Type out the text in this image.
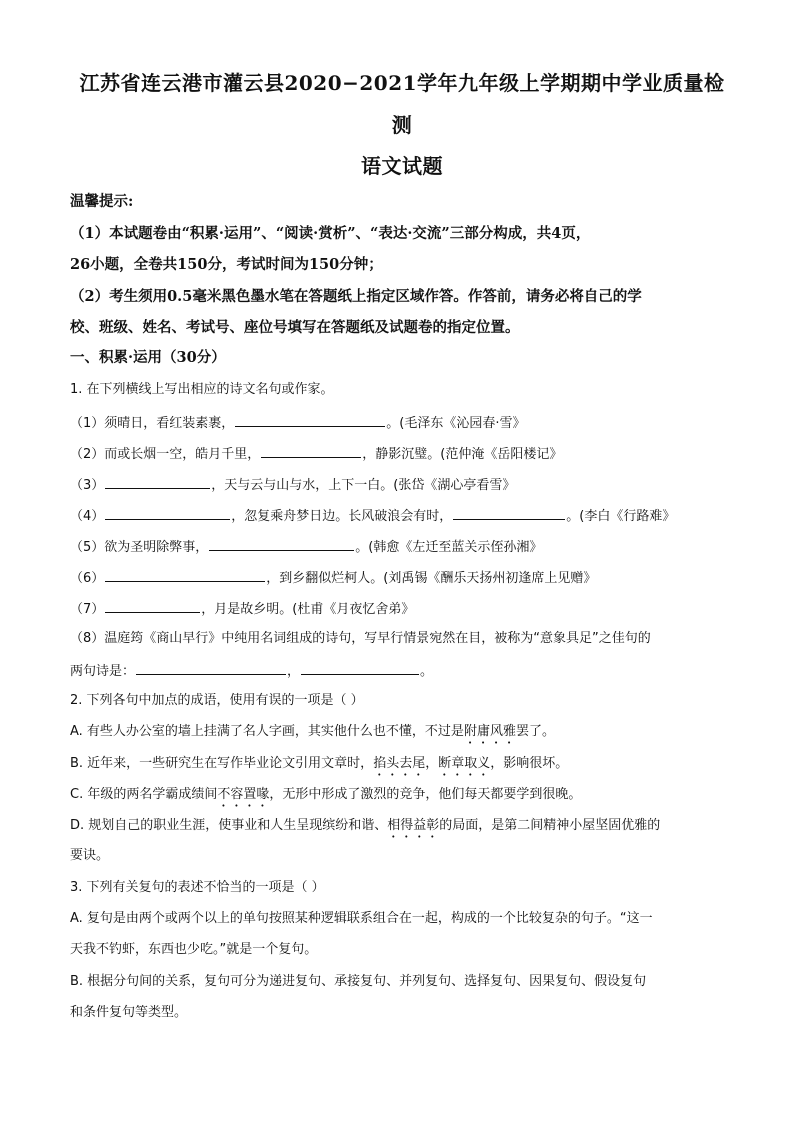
江苏省连云港市灌云县2020−2021学年九年级上学期期中学业质量检
测
语文试题
温馨提示:
（1）本试题卷由“积累·运用”、“阅读·赏析”、“表达·交流”三部分构成，共4页，
26小题，全卷共150分，考试时间为150分钟；
（2）考生须用0.5毫米黑色墨水笔在答题纸上指定区域作答。作答前，请务必将自己的学
校、班级、姓名、考试号、座位号填写在答题纸及试题卷的指定位置。
一、积累·运用（30分）
1. 在下列横线上写出相应的诗文名句或作家。
（1）须晴日，看红装素裹，	。(毛泽东《沁园春·雪》
（2）而或长烟一空，皓月千里，	，静影沉璧。(范仲淹《岳阳楼记》
（3）	，天与云与山与水，上下一白。(张岱《湖心亭看雪》
（4）	，忽复乘舟梦日边。长风破浪会有时，	。(李白《行路难》
（5）欲为圣明除弊事，	。(韩愈《左迁至蓝关示侄孙湘》
（6）	，到乡翻似烂柯人。(刘禹锡《酬乐天扬州初逢席上见赠》
（7）	，月是故乡明。(杜甫《月夜忆舍弟》
（8）温庭筠《商山早行》中纯用名词组成的诗句，写早行情景宛然在目，被称为“意象具足”之佳句的
两句诗是：	，	。
2. 下列各句中加点的成语，使用有误的一项是（ ）
A. 有些人办公室的墙上挂满了名人字画，其实他什么也不懂，不过是附庸风雅罢了。
B. 近年来，一些研究生在写作毕业论文引用文章时，掐头去尾，断章取义，影响很坏。
C. 年级的两名学霸成绩间不容置喙，无形中形成了激烈的竞争，他们每天都要学到很晚。
D. 规划自己的职业生涯，使事业和人生呈现缤纷和谐、相得益彰的局面，是第二间精神小屋坚固优雅的
要诀。
3. 下列有关复句的表述不恰当的一项是（ ）
A. 复句是由两个或两个以上的单句按照某种逻辑联系组合在一起，构成的一个比较复杂的句子。“这一
天我不钓虾，东西也少吃。”就是一个复句。
B. 根据分句间的关系，复句可分为递进复句、承接复句、并列复句、选择复句、因果复句、假设复句
和条件复句等类型。
